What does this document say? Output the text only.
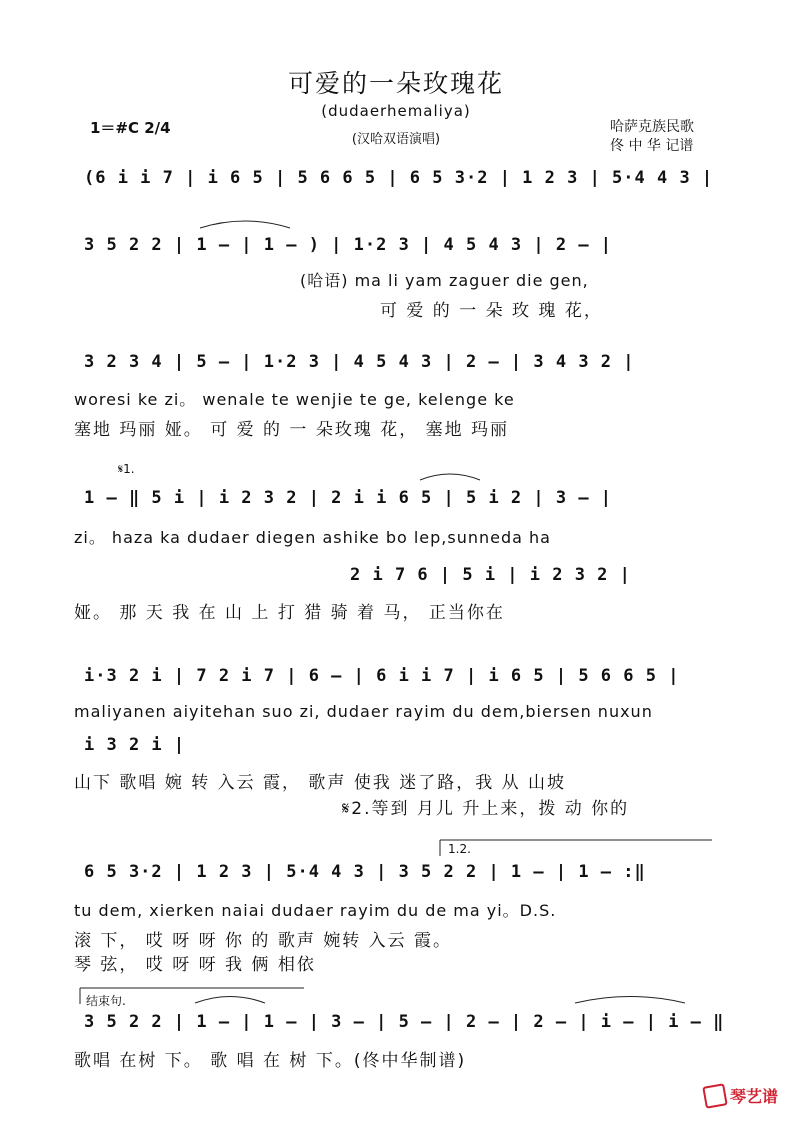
可爱的一朵玫瑰花
(dudaerhemaliya)
(汉哈双语演唱)
1＝#C 2/4	哈萨克族民歌
佟 中 华 记谱
(6 i i 7 | i 6 5 | 5 6 6 5 | 6 5 3·2 | 1 2 3 | 5·4 4 3 |
3 5 2 2 | 1 — | 1 — ) | 1·2 3 | 4 5 4 3 | 2 — |
(哈语) ma li yam zaguer die gen,
可 爱 的 一 朵 玫 瑰 花，
3 2 3 4 | 5 — | 1·2 3 | 4 5 4 3 | 2 — | 3 4 3 2 |
woresi ke zi。 wenale te wenjie te ge, kelenge ke
塞地 玛丽 娅。 可 爱 的 一 朵玫瑰 花， 塞地 玛丽
𝄋1.
1 — ‖ 5 i | i 2 3 2 | 2 i i 6 5 | 5 i 2 | 3 — |
zi。 haza ka dudaer diegen ashike bo lep,sunneda ha
2 i 7 6 | 5 i | i 2 3 2 |
娅。 那 天 我 在 山 上 打 猎 骑 着 马， 正当你在
i·3 2 i | 7 2 i 7 | 6 — | 6 i i 7 | i 6 5 | 5 6 6 5 |
maliyanen aiyitehan suo zi, dudaer rayim du dem,biersen nuxun
i 3 2 i |
山下 歌唱 婉 转 入云 霞， 歌声 使我 迷了路，我 从 山坡
𝄋2.等到 月儿 升上来，拨 动 你的
1.2.
6 5 3·2 | 1 2 3 | 5·4 4 3 | 3 5 2 2 | 1 — | 1 — :‖
tu dem, xierken naiai dudaer rayim du de ma yi。D.S.
滚 下， 哎 呀 呀 你 的 歌声 婉转 入云 霞。
琴 弦， 哎 呀 呀 我 俩 相依
结束句.
3 5 2 2 | 1 — | 1 — | 3 — | 5 — | 2 — | 2 — | i — | i — ‖
歌唱 在树 下。 歌 唱 在 树 下。(佟中华制谱)
琴艺谱
